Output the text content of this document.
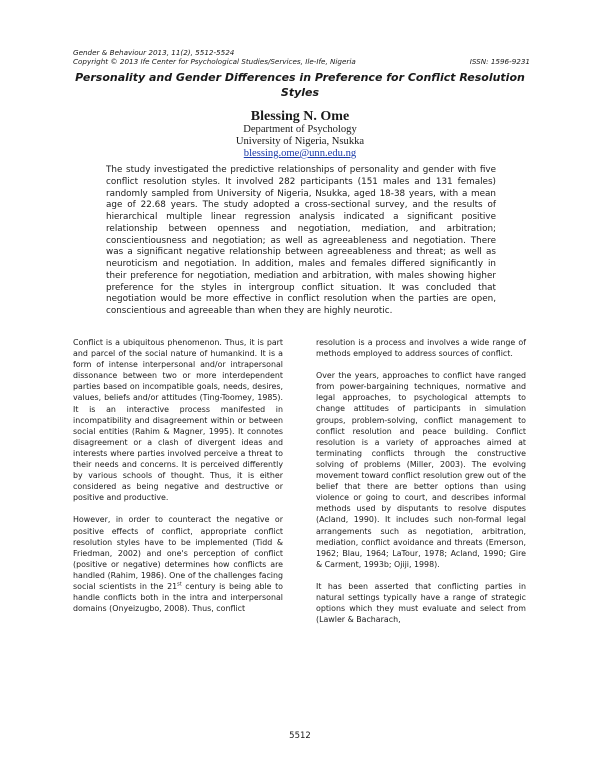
Gender & Behaviour 2013, 11(2), 5512-5524
Copyright © 2013 Ife Center for Psychological Studies/Services, Ile-Ife, Nigeria	ISSN: 1596-9231
Personality and Gender Differences in Preference for Conflict Resolution Styles
Blessing N. Ome
Department of Psychology
University of Nigeria, Nsukka
blessing.ome@unn.edu.ng
The study investigated the predictive relationships of personality and gender with five conflict resolution styles. It involved 282 participants (151 males and 131 females) randomly sampled from University of Nigeria, Nsukka, aged 18-38 years, with a mean age of 22.68 years. The study adopted a cross-sectional survey, and the results of hierarchical multiple linear regression analysis indicated a significant positive relationship between openness and negotiation, mediation, and arbitration; conscientiousness and negotiation; as well as agreeableness and negotiation. There was a significant negative relationship between agreeableness and threat; as well as neuroticism and negotiation. In addition, males and females differed significantly in their preference for negotiation, mediation and arbitration, with males showing higher preference for the styles in intergroup conflict situation. It was concluded that negotiation would be more effective in conflict resolution when the parties are open, conscientious and agreeable than when they are highly neurotic.

Conflict is a ubiquitous phenomenon. Thus, it is part and parcel of the social nature of humankind. It is a form of intense interpersonal and/or intrapersonal dissonance between two or more interdependent parties based on incompatible goals, needs, desires, values, beliefs and/or attitudes (Ting-Toomey, 1985). It is an interactive process manifested in incompatibility and disagreement within or between social entities (Rahim & Magner, 1995). It connotes disagreement or a clash of divergent ideas and interests where parties involved perceive a threat to their needs and concerns. It is perceived differently by various schools of thought. Thus, it is either considered as being negative and destructive or positive and productive.

However, in order to counteract the negative or positive effects of conflict, appropriate conflict resolution styles have to be implemented (Tidd & Friedman, 2002) and one's perception of conflict (positive or negative) determines how conflicts are handled (Rahim, 1986). One of the challenges facing social scientists in the 21st century is being able to handle conflicts both in the intra and interpersonal domains (Onyeizugbo, 2008). Thus, conflict

resolution is a process and involves a wide range of methods employed to address sources of conflict.

Over the years, approaches to conflict have ranged from power-bargaining techniques, normative and legal approaches, to psychological attempts to change attitudes of participants in simulation groups, problem-solving, conflict management to conflict resolution and peace building. Conflict resolution is a variety of approaches aimed at terminating conflicts through the constructive solving of problems (Miller, 2003). The evolving movement toward conflict resolution grew out of the belief that there are better options than using violence or going to court, and describes informal methods used by disputants to resolve disputes (Acland, 1990). It includes such non-formal legal arrangements such as negotiation, arbitration, mediation, conflict avoidance and threats (Emerson, 1962; Blau, 1964; LaTour, 1978; Acland, 1990; Gire & Carment, 1993b; Ojiji, 1998).

It has been asserted that conflicting parties in natural settings typically have a range of strategic options which they must evaluate and select from (Lawler & Bacharach,

5512
